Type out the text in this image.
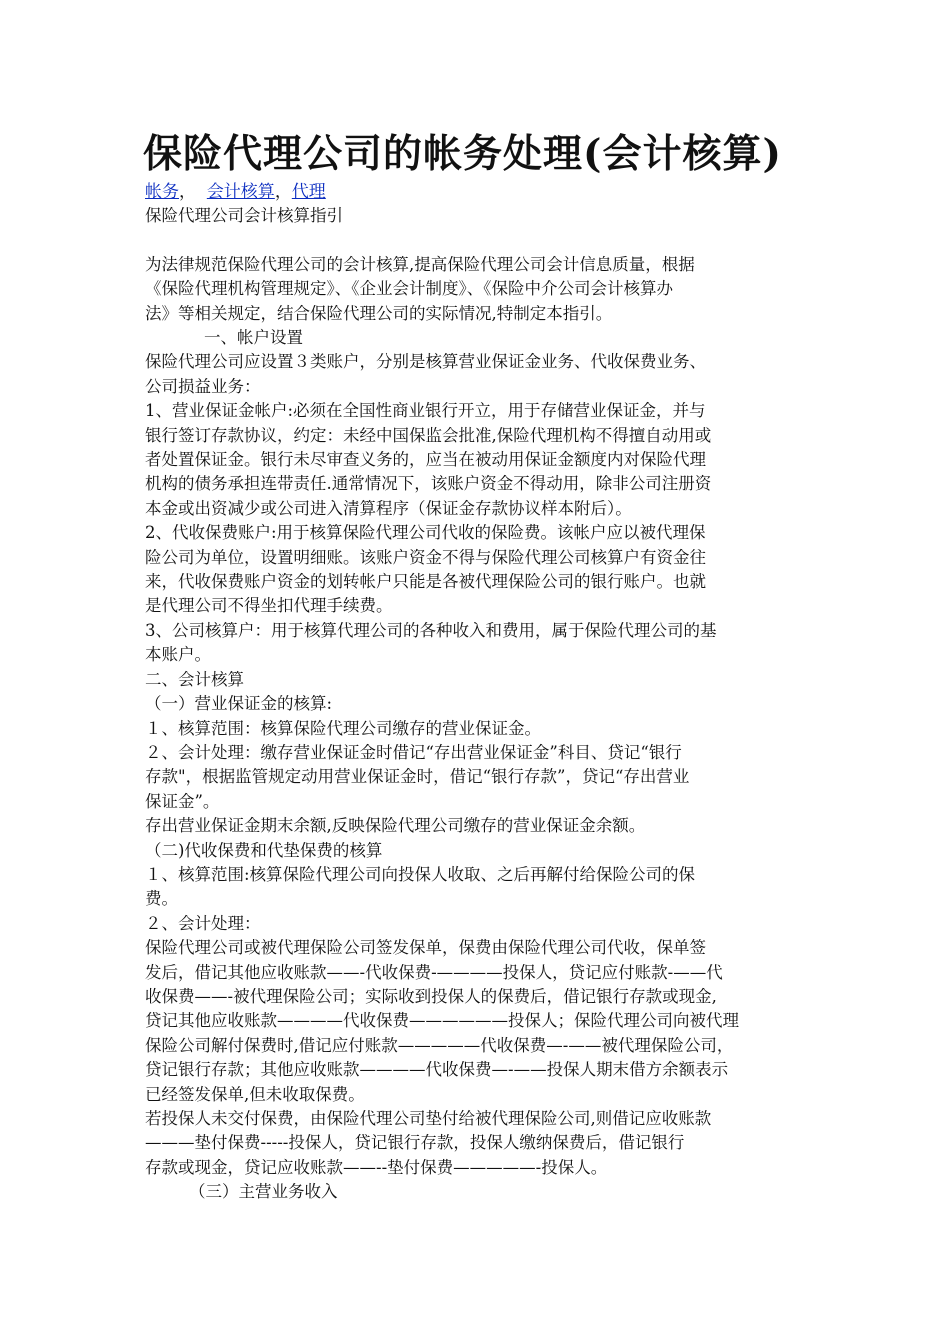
保险代理公司的帐务处理(会计核算)
帐务， 会计核算，代理
保险代理公司会计核算指引
为法律规范保险代理公司的会计核算,提高保险代理公司会计信息质量，根据
《保险代理机构管理规定》、《企业会计制度》、《保险中介公司会计核算办
法》等相关规定，结合保险代理公司的实际情况,特制定本指引。
一、帐户设置
保险代理公司应设置３类账户，分别是核算营业保证金业务、代收保费业务、
公司损益业务：
1、营业保证金帐户:必须在全国性商业银行开立，用于存储营业保证金，并与
银行签订存款协议，约定：未经中国保监会批准,保险代理机构不得擅自动用或
者处置保证金。银行未尽审查义务的，应当在被动用保证金额度内对保险代理
机构的债务承担连带责任.通常情况下，该账户资金不得动用，除非公司注册资
本金或出资减少或公司进入清算程序（保证金存款协议样本附后）。
2、代收保费账户:用于核算保险代理公司代收的保险费。该帐户应以被代理保
险公司为单位，设置明细账。该账户资金不得与保险代理公司核算户有资金往
来，代收保费账户资金的划转帐户只能是各被代理保险公司的银行账户。也就
是代理公司不得坐扣代理手续费。
3、公司核算户：用于核算代理公司的各种收入和费用，属于保险代理公司的基
本账户。
二、会计核算
（一）营业保证金的核算:
１、核算范围：核算保险代理公司缴存的营业保证金。
２、会计处理：缴存营业保证金时借记“存出营业保证金”科目、贷记“银行
存款"，根据监管规定动用营业保证金时，借记“银行存款”，贷记“存出营业
保证金”。
存出营业保证金期末余额,反映保险代理公司缴存的营业保证金余额。
（二)代收保费和代垫保费的核算
１、核算范围:核算保险代理公司向投保人收取、之后再解付给保险公司的保
费。
２、会计处理：
保险代理公司或被代理保险公司签发保单，保费由保险代理公司代收，保单签
发后，借记其他应收账款——-代收保费-————投保人，贷记应付账款-——代
收保费——-被代理保险公司；实际收到投保人的保费后，借记银行存款或现金,
贷记其他应收账款————代收保费——————投保人；保险代理公司向被代理
保险公司解付保费时,借记应付账款—————代收保费—-——被代理保险公司，
贷记银行存款；其他应收账款————代收保费—-——投保人期末借方余额表示
已经签发保单,但未收取保费。
若投保人未交付保费，由保险代理公司垫付给被代理保险公司,则借记应收账款
———垫付保费-----投保人，贷记银行存款，投保人缴纳保费后，借记银行
存款或现金，贷记应收账款——--垫付保费—————-投保人。
（三）主营业务收入
